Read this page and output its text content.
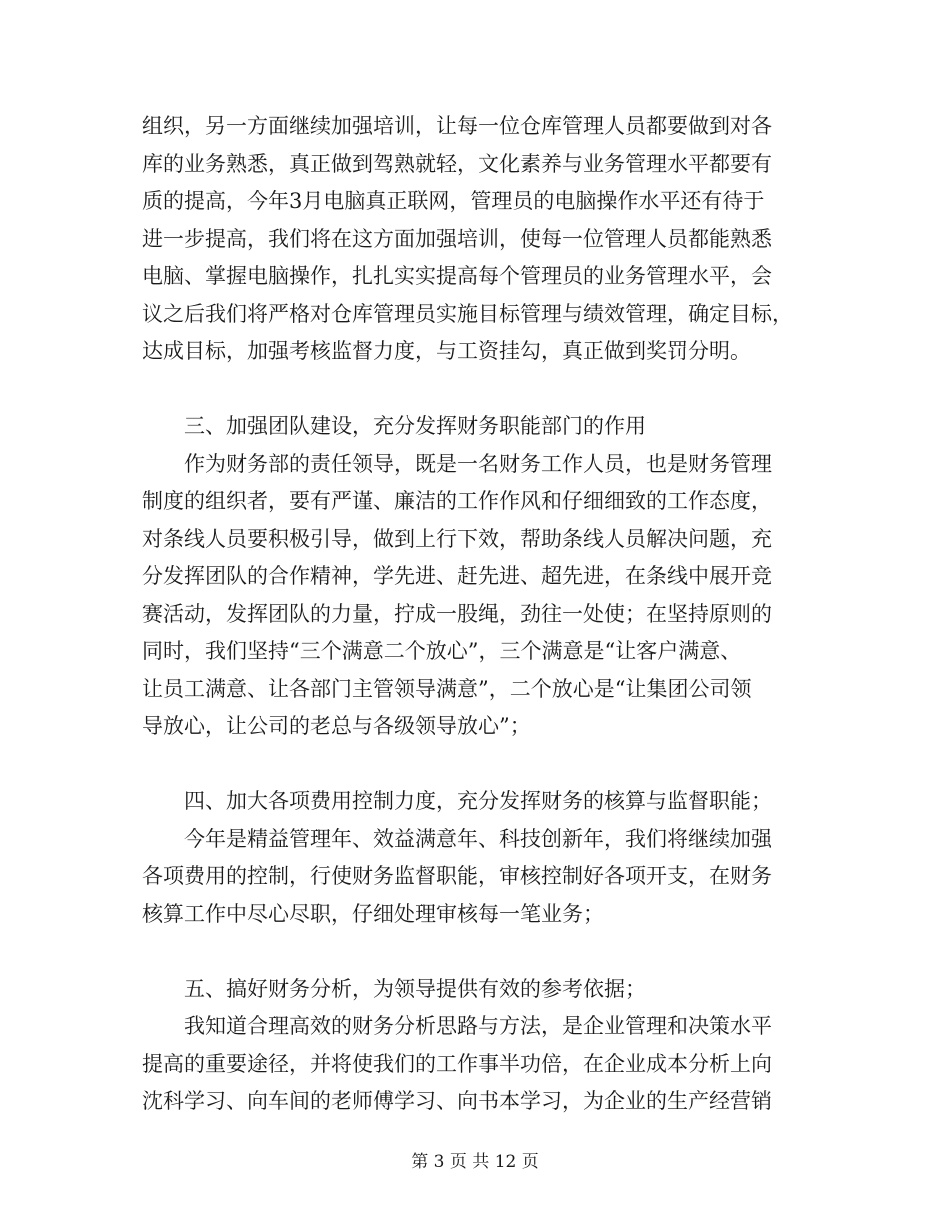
组织，另一方面继续加强培训，让每一位仓库管理人员都要做到对各
库的业务熟悉，真正做到驾熟就轻，文化素养与业务管理水平都要有
质的提高，今年3月电脑真正联网，管理员的电脑操作水平还有待于
进一步提高，我们将在这方面加强培训，使每一位管理人员都能熟悉
电脑、掌握电脑操作，扎扎实实提高每个管理员的业务管理水平，会
议之后我们将严格对仓库管理员实施目标管理与绩效管理，确定目标，
达成目标，加强考核监督力度，与工资挂勾，真正做到奖罚分明。
　　三、加强团队建设，充分发挥财务职能部门的作用
　　作为财务部的责任领导，既是一名财务工作人员，也是财务管理
制度的组织者，要有严谨、廉洁的工作作风和仔细细致的工作态度，
对条线人员要积极引导，做到上行下效，帮助条线人员解决问题，充
分发挥团队的合作精神，学先进、赶先进、超先进，在条线中展开竞
赛活动，发挥团队的力量，拧成一股绳，劲往一处使；在坚持原则的
同时，我们坚持“三个满意二个放心”，三个满意是“让客户满意、
让员工满意、让各部门主管领导满意”，二个放心是“让集团公司领
导放心，让公司的老总与各级领导放心”；
　　四、加大各项费用控制力度，充分发挥财务的核算与监督职能；
　　今年是精益管理年、效益满意年、科技创新年，我们将继续加强
各项费用的控制，行使财务监督职能，审核控制好各项开支，在财务
核算工作中尽心尽职，仔细处理审核每一笔业务；
　　五、搞好财务分析，为领导提供有效的参考依据；
　　我知道合理高效的财务分析思路与方法，是企业管理和决策水平
提高的重要途径，并将使我们的工作事半功倍，在企业成本分析上向
沈科学习、向车间的老师傅学习、向书本学习，为企业的生产经营销
第 3 页 共 12 页
